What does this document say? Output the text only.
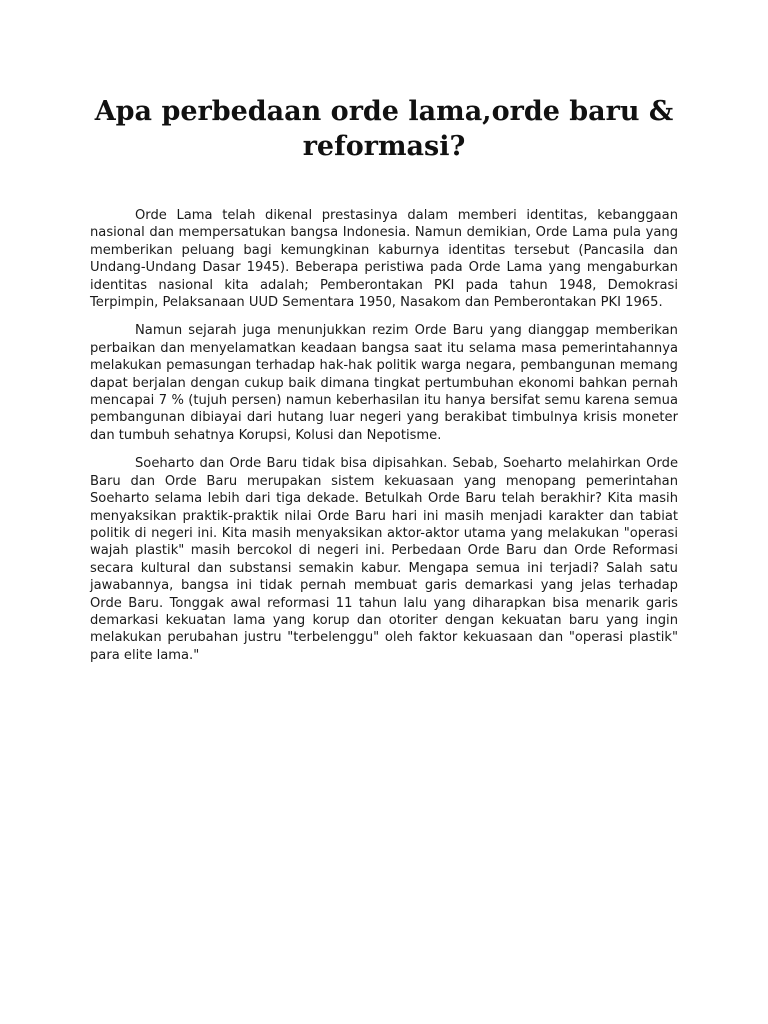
Apa perbedaan orde lama,orde baru & reformasi?

Orde Lama telah dikenal prestasinya dalam memberi identitas, kebanggaan nasional dan mempersatukan bangsa Indonesia. Namun demikian, Orde Lama pula yang memberikan peluang bagi kemungkinan kaburnya identitas tersebut (Pancasila dan Undang-Undang Dasar 1945). Beberapa peristiwa pada Orde Lama yang mengaburkan identitas nasional kita adalah; Pemberontakan PKI pada tahun 1948, Demokrasi Terpimpin, Pelaksanaan UUD Sementara 1950, Nasakom dan Pemberontakan PKI 1965.

Namun sejarah juga menunjukkan rezim Orde Baru yang dianggap memberikan perbaikan dan menyelamatkan keadaan bangsa saat itu selama masa pemerintahannya melakukan pemasungan terhadap hak-hak politik warga negara, pembangunan memang dapat berjalan dengan cukup baik dimana tingkat pertumbuhan ekonomi bahkan pernah mencapai 7 % (tujuh persen) namun keberhasilan itu hanya bersifat semu karena semua pembangunan dibiayai dari hutang luar negeri yang berakibat timbulnya krisis moneter dan tumbuh sehatnya Korupsi, Kolusi dan Nepotisme.

Soeharto dan Orde Baru tidak bisa dipisahkan. Sebab, Soeharto melahirkan Orde Baru dan Orde Baru merupakan sistem kekuasaan yang menopang pemerintahan Soeharto selama lebih dari tiga dekade. Betulkah Orde Baru telah berakhir? Kita masih menyaksikan praktik-praktik nilai Orde Baru hari ini masih menjadi karakter dan tabiat politik di negeri ini. Kita masih menyaksikan aktor-aktor utama yang melakukan "operasi wajah plastik" masih bercokol di negeri ini. Perbedaan Orde Baru dan Orde Reformasi secara kultural dan substansi semakin kabur. Mengapa semua ini terjadi? Salah satu jawabannya, bangsa ini tidak pernah membuat garis demarkasi yang jelas terhadap Orde Baru. Tonggak awal reformasi 11 tahun lalu yang diharapkan bisa menarik garis demarkasi kekuatan lama yang korup dan otoriter dengan kekuatan baru yang ingin melakukan perubahan justru "terbelenggu" oleh faktor kekuasaan dan "operasi plastik" para elite lama."
